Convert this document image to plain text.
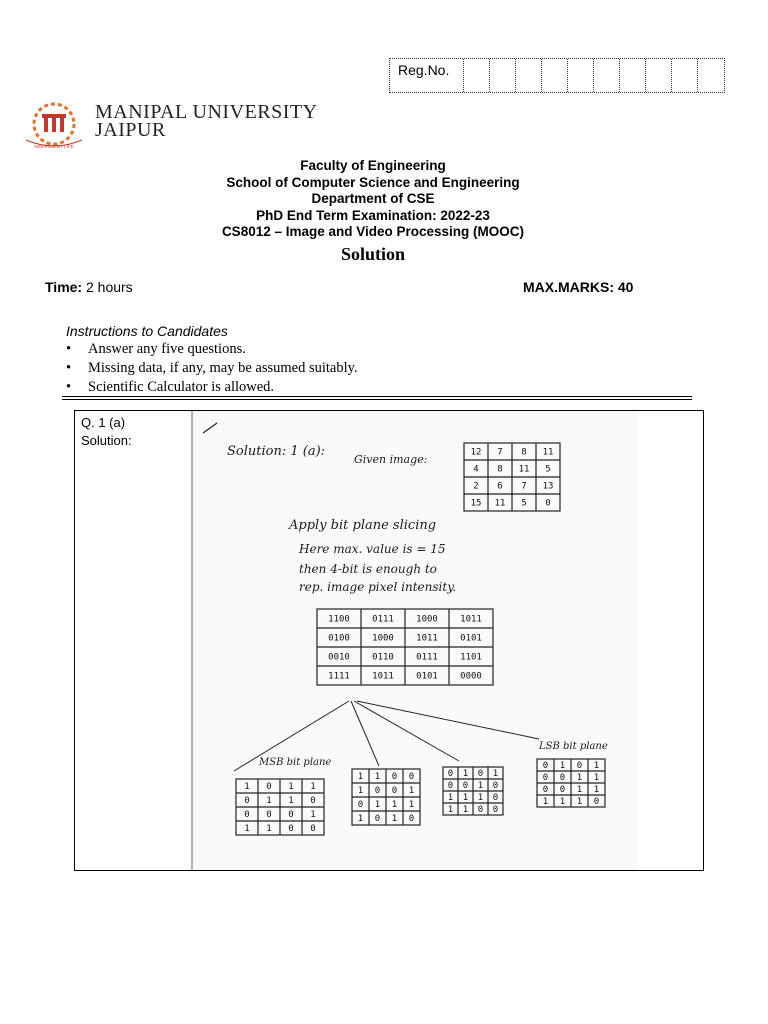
Reg.No.
INSPIRED BY LIFE
MANIPAL UNIVERSITY
JAIPUR
Faculty of Engineering
School of Computer Science and Engineering
Department of CSE
PhD End Term Examination: 2022-23
CS8012 – Image and Video Processing (MOOC)
Solution
Time: 2 hours	MAX.MARKS: 40
Instructions to Candidates
• Answer any five questions.
• Missing data, if any, may be assumed suitably.
• Scientific Calculator is allowed.
Q. 1 (a)
Solution:
Solution: 1 (a):
Given image:
12 7 8 11
4 8 11 5
2 6 7 13
15 11 5 0
Apply bit plane slicing
Here max. value is = 15
then 4-bit is enough to
rep. image pixel intensity.
1100 0111 1000 1011
0100 1000 1011 0101
0010 0110 0111 1101
1111 1011 0101 0000
MSB bit plane
LSB bit plane
1 0 1 1
0 1 1 0
0 0 0 1
1 1 0 0
1 1 0 0
1 0 0 1
0 1 1 1
1 0 1 0
0 1 0 1
0 0 1 0
1 1 1 0
1 1 0 0
0 1 0 1
0 0 1 1
0 0 1 1
1 1 1 0
